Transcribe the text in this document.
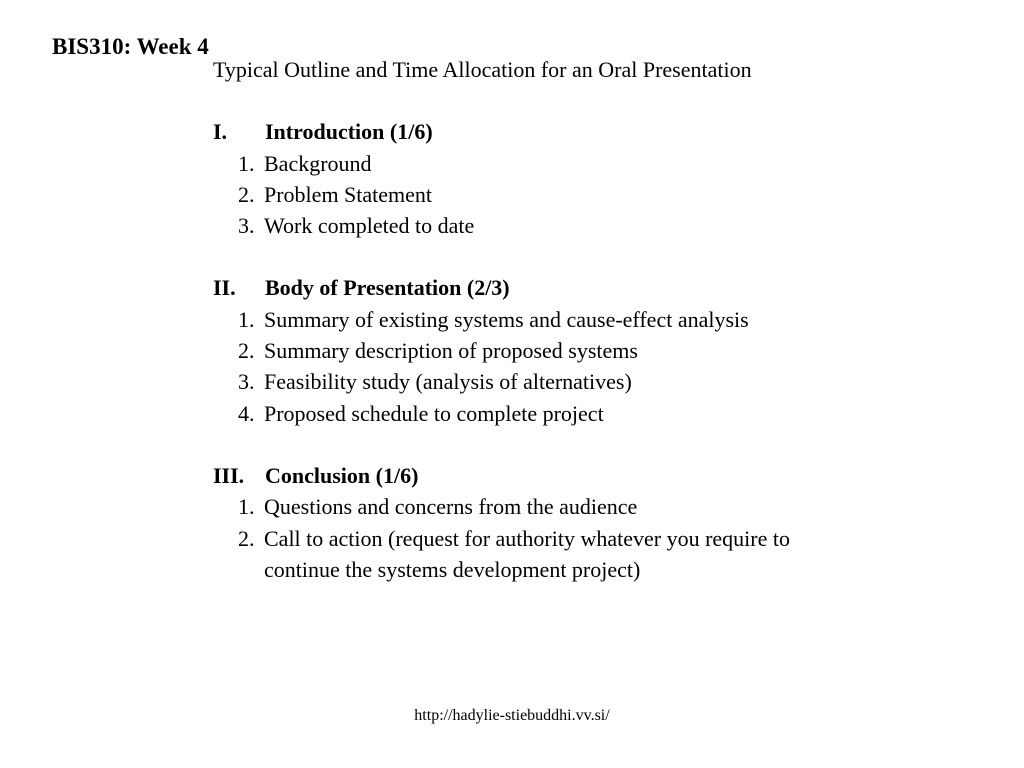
Typical Outline and Time Allocation for an Oral Presentation

I.	Introduction (1/6)
1. Background
2. Problem Statement
3. Work completed to date
II.	Body of Presentation (2/3)
1. Summary of existing systems and cause-effect analysis
2. Summary description of proposed systems
3. Feasibility study (analysis of alternatives)
4. Proposed schedule to complete project
III. Conclusion (1/6)
1. Questions and concerns from the audience
2. Call to action (request for authority whatever you require to continue the systems development project)
BIS310: Week 4
http://hadylie-stiebuddhi.vv.si/
